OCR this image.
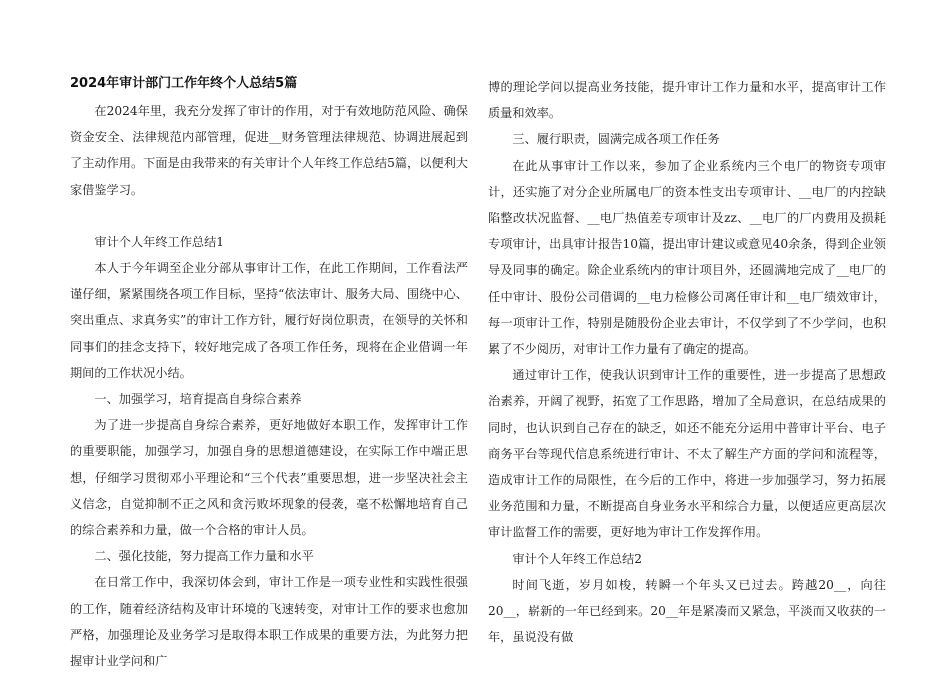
2024年审计部门工作年终个人总结5篇

在2024年里，我充分发挥了审计的作用，对于有效地防范风险、确保资金安全、法律规范内部管理，促进__财务管理法律规范、协调进展起到了主动作用。下面是由我带来的有关审计个人年终工作总结5篇，以便利大家借鉴学习。

审计个人年终工作总结1

本人于今年调至企业分部从事审计工作，在此工作期间，工作看法严谨仔细，紧紧围绕各项工作目标，坚持“依法审计、服务大局、围绕中心、突出重点、求真务实”的审计工作方针，履行好岗位职责，在领导的关怀和同事们的挂念支持下，较好地完成了各项工作任务，现将在企业借调一年期间的工作状况小结。

一、加强学习，培育提高自身综合素养

为了进一步提高自身综合素养，更好地做好本职工作，发挥审计工作的重要职能，加强学习，加强自身的思想道德建设，在实际工作中端正思想，仔细学习贯彻邓小平理论和“三个代表”重要思想，进一步坚决社会主义信念，自觉抑制不正之风和贪污败坏现象的侵袭，毫不松懈地培育自己的综合素养和力量，做一个合格的审计人员。

二、强化技能，努力提高工作力量和水平

在日常工作中，我深切体会到，审计工作是一项专业性和实践性很强的工作，随着经济结构及审计环境的飞速转变，对审计工作的要求也愈加严格，加强理论及业务学习是取得本职工作成果的重要方法，为此努力把握审计业学问和广

博的理论学问以提高业务技能，提升审计工作力量和水平，提高审计工作质量和效率。

三、履行职责，圆满完成各项工作任务

在此从事审计工作以来，参加了企业系统内三个电厂的物资专项审计，还实施了对分企业所属电厂的资本性支出专项审计、__电厂的内控缺陷整改状况监督、__电厂热值差专项审计及zz、__电厂的厂内费用及损耗专项审计，出具审计报告10篇，提出审计建议或意见40余条，得到企业领导及同事的确定。除企业系统内的审计项目外，还圆满地完成了__电厂的任中审计、股份公司借调的__电力检修公司离任审计和__电厂绩效审计，每一项审计工作，特别是随股份企业去审计，不仅学到了不少学问，也积累了不少阅历，对审计工作力量有了确定的提高。

通过审计工作，使我认识到审计工作的重要性，进一步提高了思想政治素养，开阔了视野，拓宽了工作思路，增加了全局意识，在总结成果的同时，也认识到自己存在的缺乏，如还不能充分运用中普审计平台、电子商务平台等现代信息系统进行审计、不太了解生产方面的学问和流程等，造成审计工作的局限性，在今后的工作中，将进一步加强学习，努力拓展业务范围和力量，不断提高自身业务水平和综合力量，以便适应更高层次审计监督工作的需要，更好地为审计工作发挥作用。

审计个人年终工作总结2

时间飞逝，岁月如梭，转瞬一个年头又已过去。跨越20__，向往20__，崭新的一年已经到来。20__年是紧凑而又紧急，平淡而又收获的一年，虽说没有做
